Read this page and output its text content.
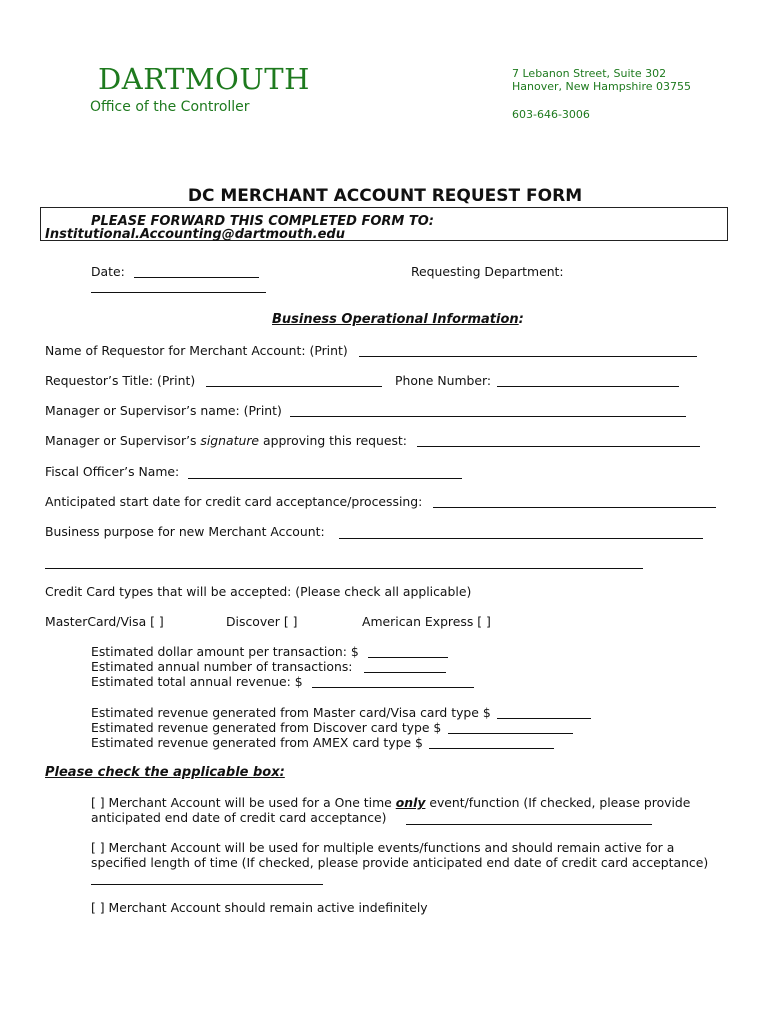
DARTMOUTH
Office of the Controller
7 Lebanon Street, Suite 302 Hanover, New Hampshire 03755
603-646-3006
DC MERCHANT ACCOUNT REQUEST FORM
PLEASE FORWARD THIS COMPLETED FORM TO:
Institutional.Accounting@dartmouth.edu
Date:	Requesting Department:
Business Operational Information:
Name of Requestor for Merchant Account: (Print)
Requestor’s Title: (Print)	Phone Number:
Manager or Supervisor’s name: (Print)
Manager or Supervisor’s signature approving this request:
Fiscal Officer’s Name:
Anticipated start date for credit card acceptance/processing:
Business purpose for new Merchant Account:
Credit Card types that will be accepted: (Please check all applicable)
MasterCard/Visa [ ]	Discover [ ]	American Express [ ]
Estimated dollar amount per transaction: $
Estimated annual number of transactions:
Estimated total annual revenue: $
Estimated revenue generated from Master card/Visa card type $
Estimated revenue generated from Discover card type $
Estimated revenue generated from AMEX card type $
Please check the applicable box:
[ ] Merchant Account will be used for a One time only event/function (If checked, please provide
anticipated end date of credit card acceptance)
[ ] Merchant Account will be used for multiple events/functions and should remain active for a
specified length of time (If checked, please provide anticipated end date of credit card acceptance)
[ ] Merchant Account should remain active indefinitely
